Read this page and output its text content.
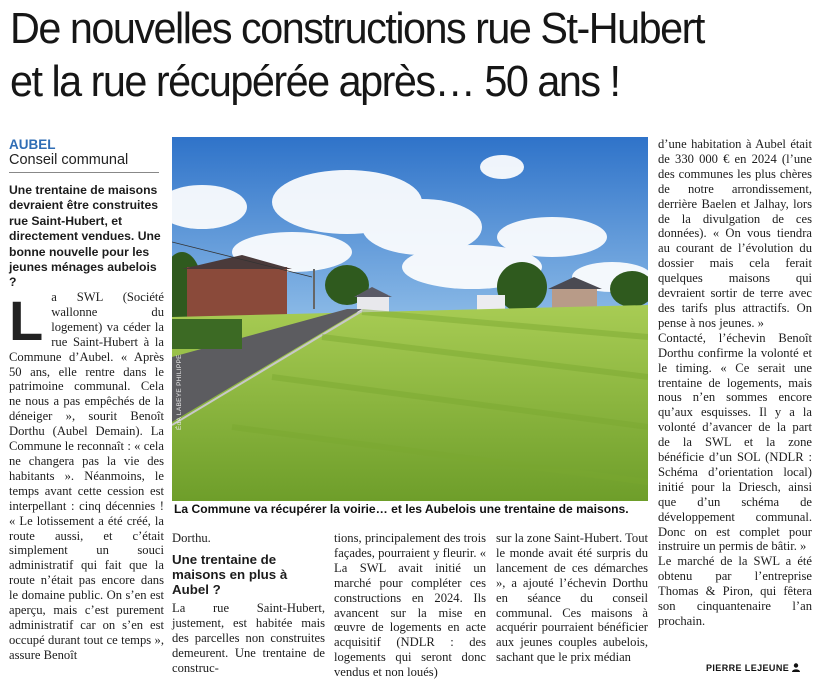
De nouvelles constructions rue St-Hubert
et la rue récupérée après… 50 ans !
AUBEL
Conseil communal
Une trentaine de maisons devraient être construites rue Saint-Hubert, et directement vendues. Une bonne nouvelle pour les jeunes ménages aubelois ?
L a SWL (Société wallonne du logement) va céder la rue Saint-Hubert à la Commune d’Aubel. « Après 50 ans, elle rentre dans le patrimoine communal. Cela ne nous a pas empêchés de la déneiger », sourit Benoît Dorthu (Aubel Demain). La Commune le reconnaît : « cela ne changera pas la vie des habitants ». Néanmoins, le temps avant cette cession est interpellant : cinq décennies ! « Le lotissement a été créé, la route aussi, et c’était simplement un souci administratif qui fait que la route n’était pas encore dans le domaine public. On s’en est aperçu, mais c’est purement administratif car on s’en est occupé durant tout ce temps », assure Benoît

ÉdA LABEYE PHILIPPE
La Commune va récupérer la voirie… et les Aubelois une trentaine de maisons.

Dorthu.

Une trentaine de maisons en plus à Aubel ?

La rue Saint-Hubert, justement, est habitée mais des parcelles non construites demeurent. Une trentaine de construc-

tions, principalement des trois façades, pourraient y fleurir. « La SWL avait initié un marché pour compléter ces constructions en 2024. Ils avancent sur la mise en œuvre de logements en acte acquisitif (NDLR : des logements qui seront donc vendus et non loués)

sur la zone Saint-Hubert. Tout le monde avait été surpris du lancement de ces démarches », a ajouté l’échevin Dorthu en séance du conseil communal. Ces maisons à acquérir pourraient bénéficier aux jeunes couples aubelois, sachant que le prix médian

d’une habitation à Aubel était de 330 000 € en 2024 (l’une des communes les plus chères de notre arrondissement, derrière Baelen et Jalhay, lors de la divulgation de ces données). « On vous tiendra au courant de l’évolution du dossier mais cela ferait quelques maisons qui devraient sortir de terre avec des tarifs plus attractifs. On pense à nos jeunes. »

Contacté, l’échevin Benoît Dorthu confirme la volonté et le timing. « Ce serait une trentaine de logements, mais nous n’en sommes encore qu’aux esquisses. Il y a la volonté d’avancer de la part de la SWL et la zone bénéficie d’un SOL (NDLR : Schéma d’orientation local) initié pour la Driesch, ainsi que d’un schéma de développement communal. Donc on est complet pour instruire un permis de bâtir. »

Le marché de la SWL a été obtenu par l’entreprise Thomas & Piron, qui fêtera son cinquantenaire l’an prochain.

PIERRE LEJEUNE
